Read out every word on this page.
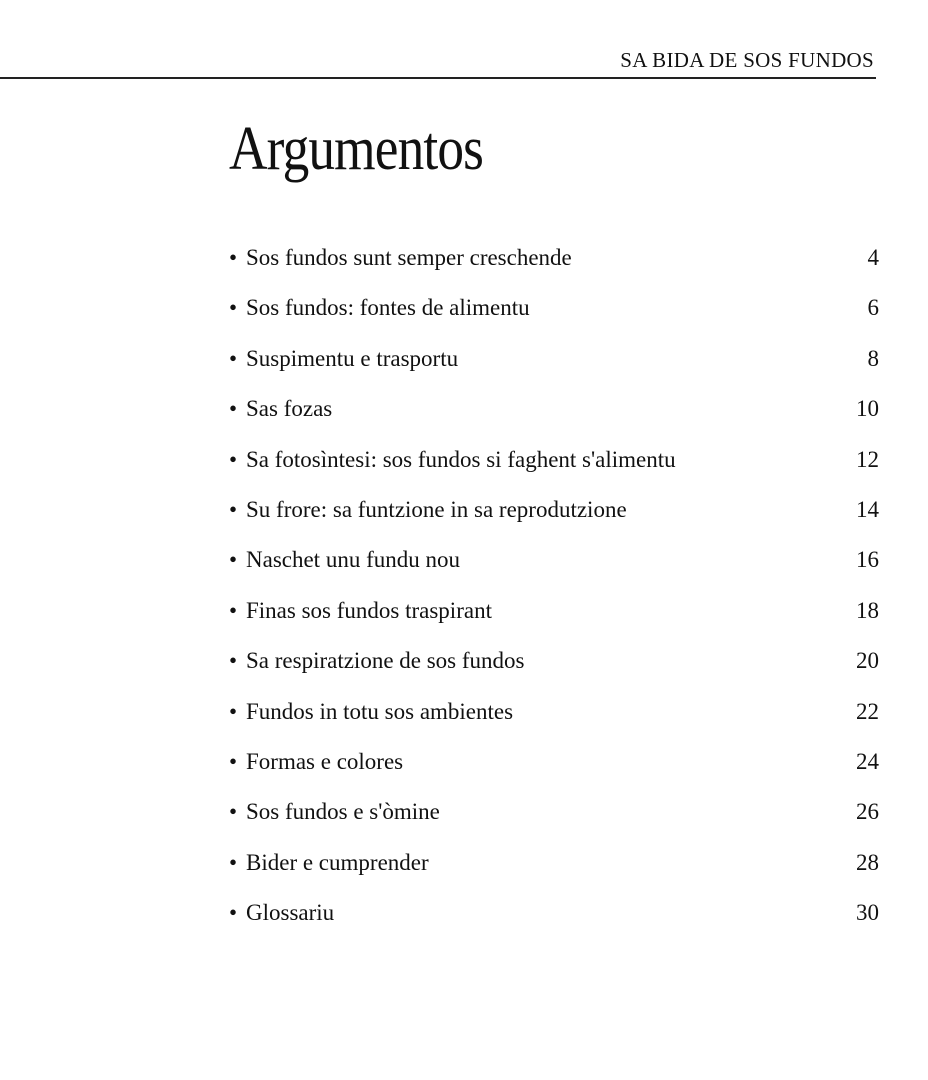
SA BIDA DE SOS FUNDOS
Argumentos
• Sos fundos sunt semper creschende	4
• Sos fundos: fontes de alimentu	6
• Suspimentu e trasportu	8
• Sas fozas	10
• Sa fotosìntesi: sos fundos si faghent s'alimentu	12
• Su frore: sa funtzione in sa reprodutzione	14
• Naschet unu fundu nou	16
• Finas sos fundos traspirant	18
• Sa respiratzione de sos fundos	20
• Fundos in totu sos ambientes	22
• Formas e colores	24
• Sos fundos e s'òmine	26
• Bider e cumprender	28
• Glossariu	30
